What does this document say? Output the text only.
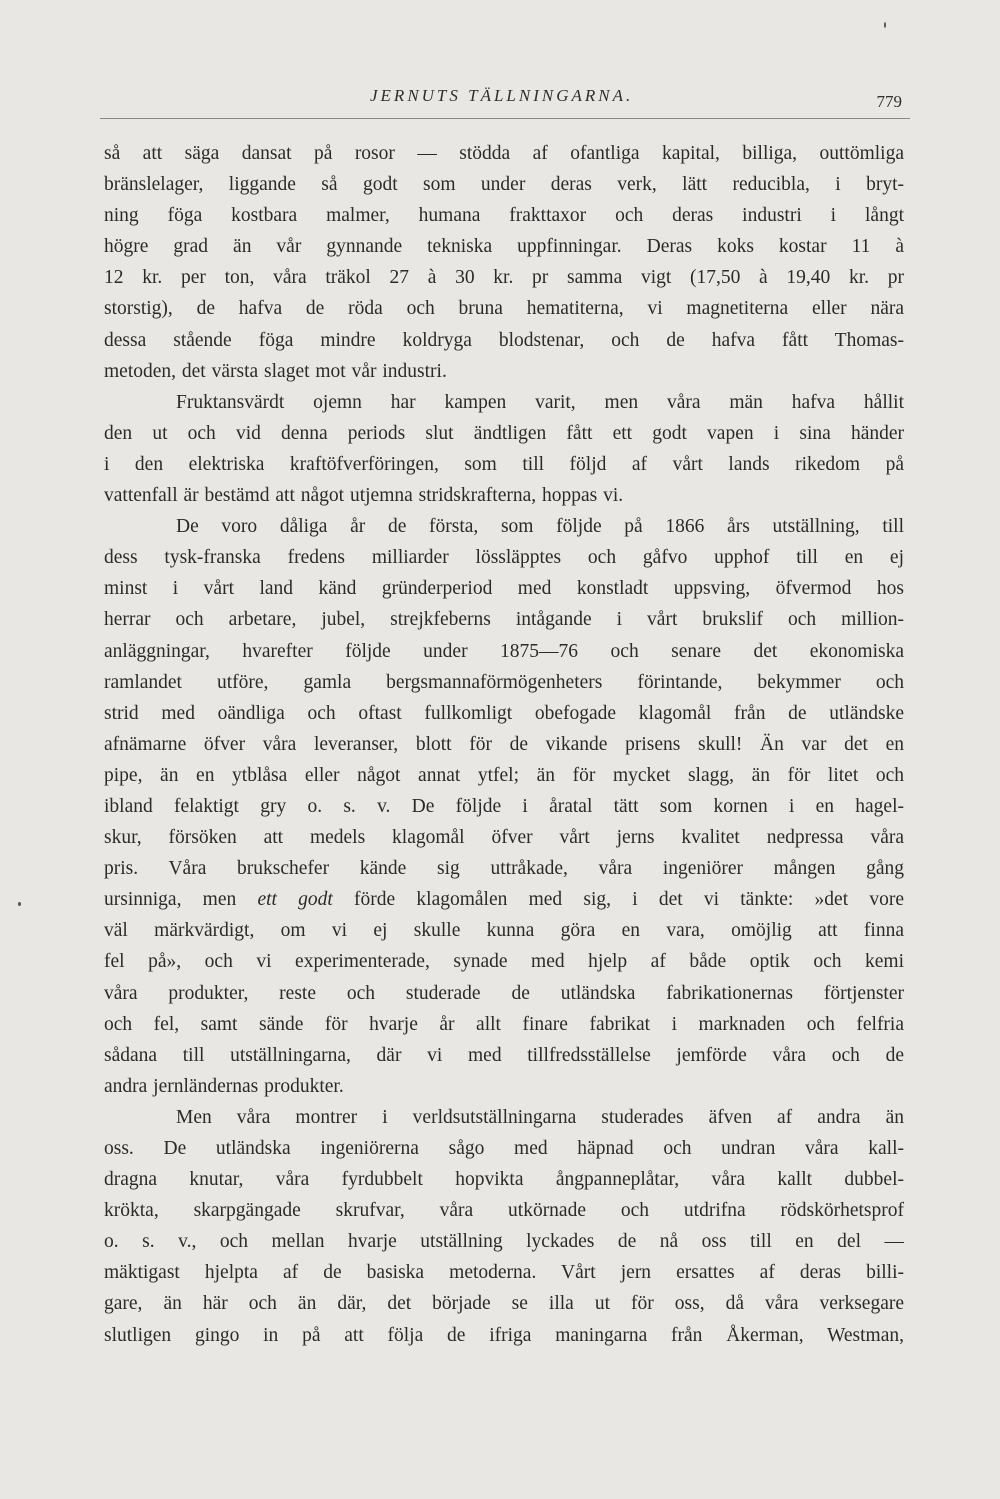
JERNUTS TÄLLNINGARNA.	779
så att säga dansat på rosor — stödda af ofantliga kapital, billiga, outtömliga
bränslelager, liggande så godt som under deras verk, lätt reducibla, i bryt-
ning föga kostbara malmer, humana frakttaxor och deras industri i långt
högre grad än vår gynnande tekniska uppfinningar. Deras koks kostar 11 à
12 kr. per ton, våra träkol 27 à 30 kr. pr samma vigt (17,50 à 19,40 kr. pr
storstig), de hafva de röda och bruna hematiterna, vi magnetiterna eller nära
dessa stående föga mindre koldryga blodstenar, och de hafva fått Thomas-
metoden, det värsta slaget mot vår industri.
Fruktansvärdt ojemn har kampen varit, men våra män hafva hållit
den ut och vid denna periods slut ändtligen fått ett godt vapen i sina händer
i den elektriska kraftöfverföringen, som till följd af vårt lands rikedom på
vattenfall är bestämd att något utjemna stridskrafterna, hoppas vi.
De voro dåliga år de första, som följde på 1866 års utställning, till
dess tysk-franska fredens milliarder lössläpptes och gåfvo upphof till en ej
minst i vårt land känd gründerperiod med konstladt uppsving, öfvermod hos
herrar och arbetare, jubel, strejkfeberns intågande i vårt brukslif och million-
anläggningar, hvarefter följde under 1875—76 och senare det ekonomiska
ramlandet utföre, gamla bergsmannaförmögenheters förintande, bekymmer och
strid med oändliga och oftast fullkomligt obefogade klagomål från de utländske
afnämarne öfver våra leveranser, blott för de vikande prisens skull! Än var det en
pipe, än en ytblåsa eller något annat ytfel; än för mycket slagg, än för litet och
ibland felaktigt gry o. s. v. De följde i åratal tätt som kornen i en hagel-
skur, försöken att medels klagomål öfver vårt jerns kvalitet nedpressa våra
pris. Våra brukschefer kände sig uttråkade, våra ingeniörer mången gång
ursinniga, men ett godt förde klagomålen med sig, i det vi tänkte: »det vore
väl märkvärdigt, om vi ej skulle kunna göra en vara, omöjlig att finna
fel på», och vi experimenterade, synade med hjelp af både optik och kemi
våra produkter, reste och studerade de utländska fabrikationernas förtjenster
och fel, samt sände för hvarje år allt finare fabrikat i marknaden och felfria
sådana till utställningarna, där vi med tillfredsställelse jemförde våra och de
andra jernländernas produkter.
Men våra montrer i verldsutställningarna studerades äfven af andra än
oss. De utländska ingeniörerna sågo med häpnad och undran våra kall-
dragna knutar, våra fyrdubbelt hopvikta ångpanneplåtar, våra kallt dubbel-
krökta, skarpgängade skrufvar, våra utkörnade och utdrifna rödskörhetsprof
o. s. v., och mellan hvarje utställning lyckades de nå oss till en del —
mäktigast hjelpta af de basiska metoderna. Vårt jern ersattes af deras billi-
gare, än här och än där, det började se illa ut för oss, då våra verksegare
slutligen gingo in på att följa de ifriga maningarna från Åkerman, Westman,
